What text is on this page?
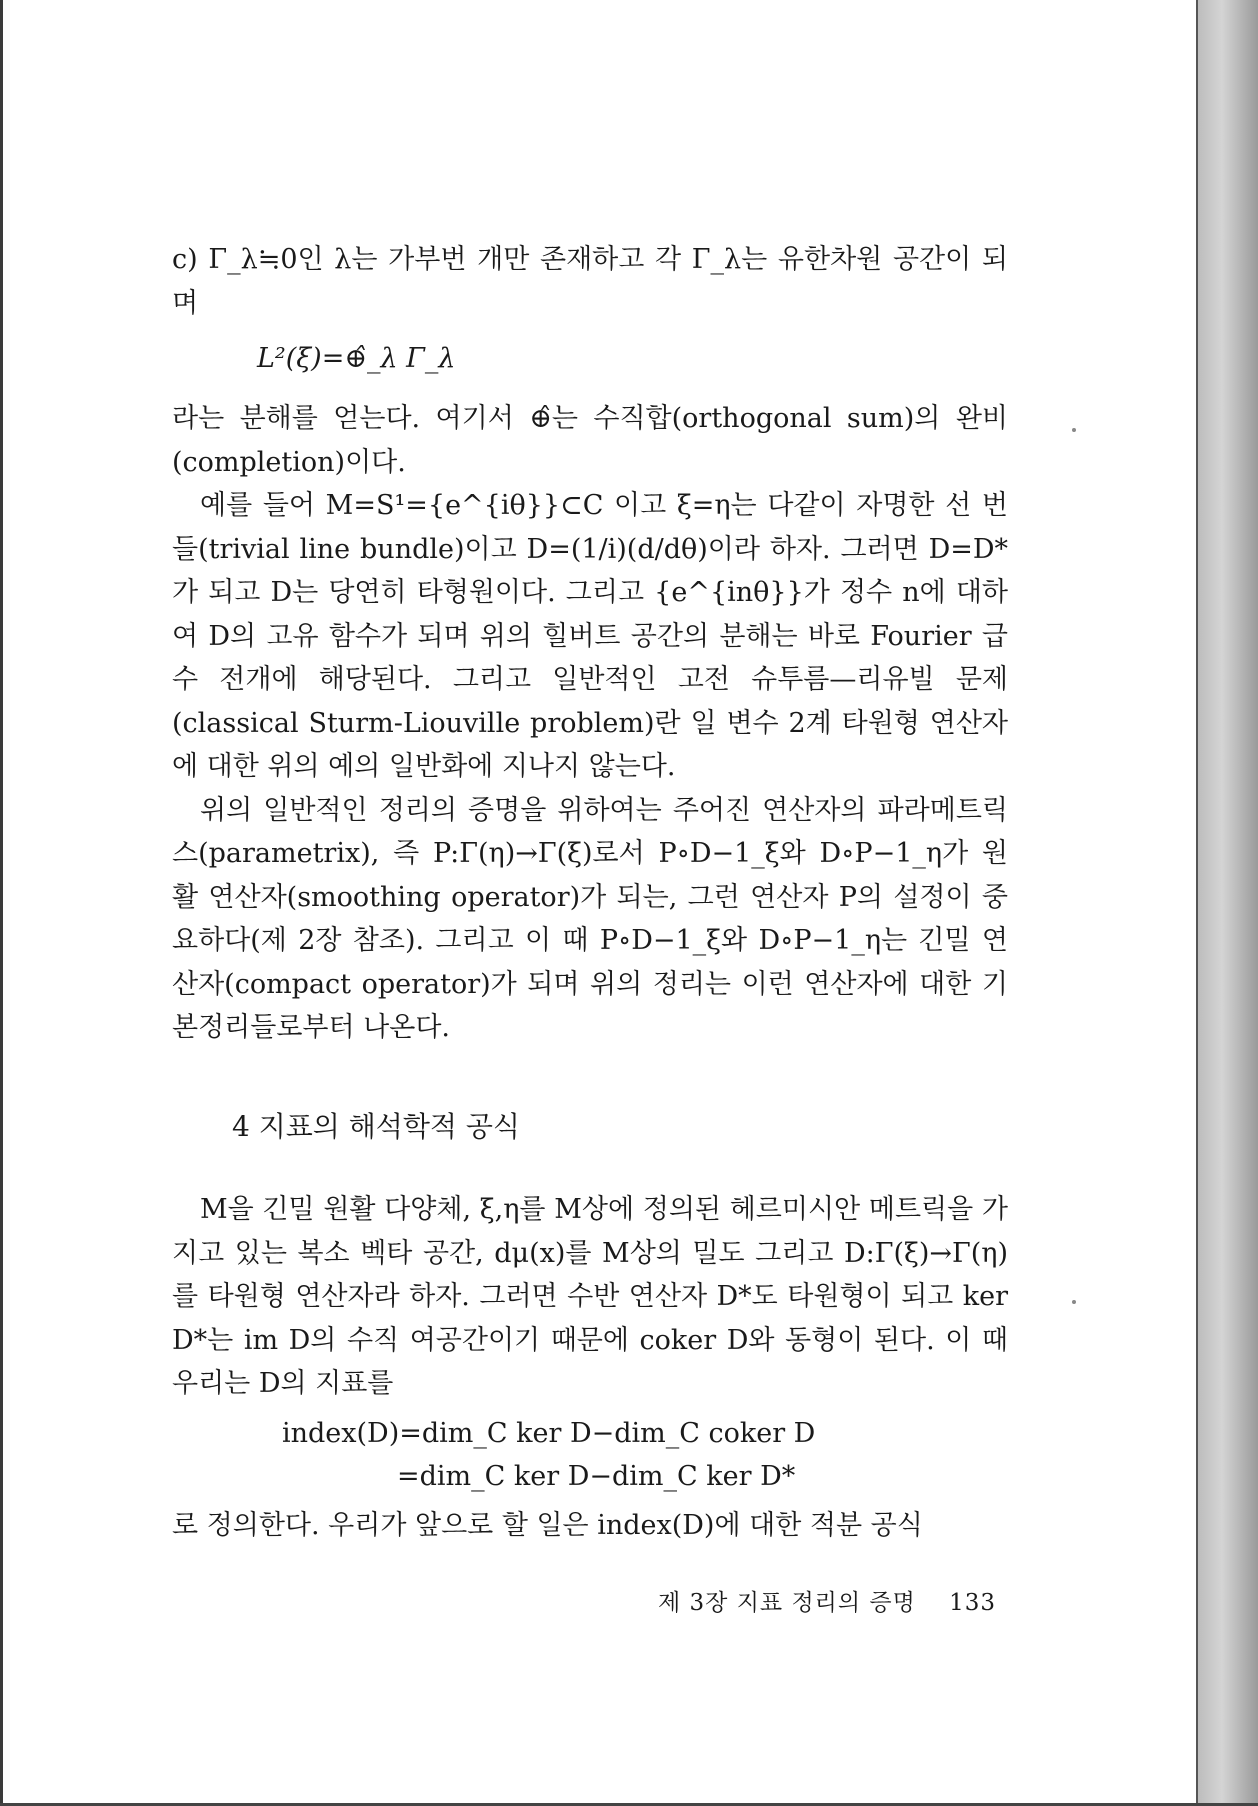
c) Γ_λ≒0인 λ는 가부번 개만 존재하고 각 Γ_λ는 유한차원 공간이 되며

L²(ξ)=⊕̂_λ Γ_λ

라는 분해를 얻는다. 여기서 ⊕̂는 수직합(orthogonal sum)의 완비(completion)이다.

예를 들어 M=S¹={e^{iθ}}⊂C 이고 ξ=η는 다같이 자명한 선 번들(trivial line bundle)이고 D=(1/i)(d/dθ)이라 하자. 그러면 D=D*가 되고 D는 당연히 타형원이다. 그리고 {e^{inθ}}가 정수 n에 대하여 D의 고유 함수가 되며 위의 힐버트 공간의 분해는 바로 Fourier 급수 전개에 해당된다. 그리고 일반적인 고전 슈투름—리유빌 문제(classical Sturm-Liouville problem)란 일 변수 2계 타원형 연산자에 대한 위의 예의 일반화에 지나지 않는다.

위의 일반적인 정리의 증명을 위하여는 주어진 연산자의 파라메트릭스(parametrix), 즉 P:Γ(η)→Γ(ξ)로서 P∘D−1_ξ와 D∘P−1_η가 원활 연산자(smoothing operator)가 되는, 그런 연산자 P의 설정이 중요하다(제 2장 참조). 그리고 이 때 P∘D−1_ξ와 D∘P−1_η는 긴밀 연산자(compact operator)가 되며 위의 정리는 이런 연산자에 대한 기본정리들로부터 나온다.

4 지표의 해석학적 공식

M을 긴밀 원활 다양체, ξ,η를 M상에 정의된 헤르미시안 메트릭을 가지고 있는 복소 벡타 공간, dμ(x)를 M상의 밀도 그리고 D:Γ(ξ)→Γ(η)를 타원형 연산자라 하자. 그러면 수반 연산자 D*도 타원형이 되고 ker D*는 im D의 수직 여공간이기 때문에 coker D와 동형이 된다. 이 때 우리는 D의 지표를

index(D)=dim_C ker D−dim_C coker D
=dim_C ker D−dim_C ker D*

로 정의한다. 우리가 앞으로 할 일은 index(D)에 대한 적분 공식

제 3장 지표 정리의 증명 133
